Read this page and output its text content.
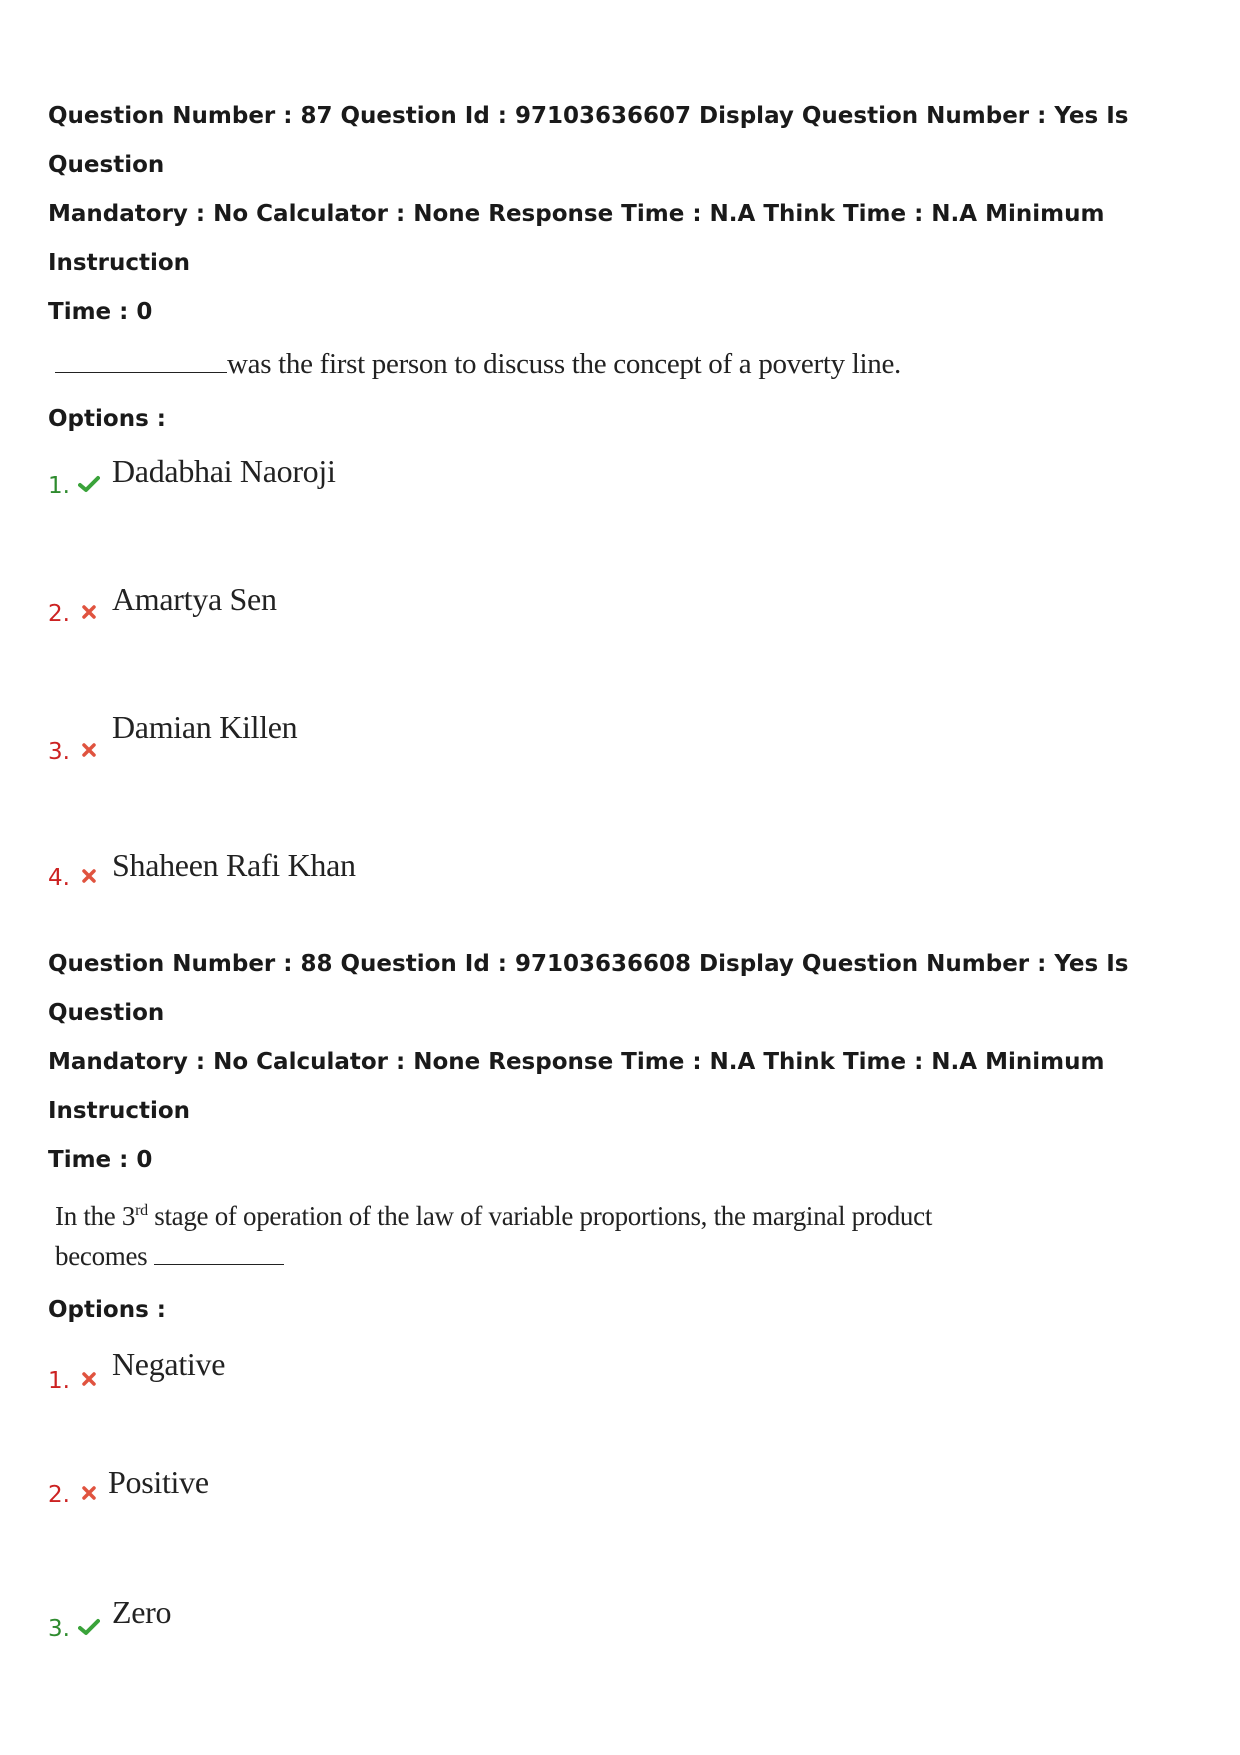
Question Number : 87 Question Id : 97103636607 Display Question Number : Yes Is Question
Mandatory : No Calculator : None Response Time : N.A Think Time : N.A Minimum Instruction
Time : 0

was the first person to discuss the concept of a poverty line.
Options :
1. Dadabhai Naoroji
2. Amartya Sen
3.
Damian Killen
4. Shaheen Rafi Khan

Question Number : 88 Question Id : 97103636608 Display Question Number : Yes Is Question
Mandatory : No Calculator : None Response Time : N.A Think Time : N.A Minimum Instruction
Time : 0

In the 3rd stage of operation of the law of variable proportions, the marginal product
becomes
Options :
1. Negative
2. Positive
3. Zero
